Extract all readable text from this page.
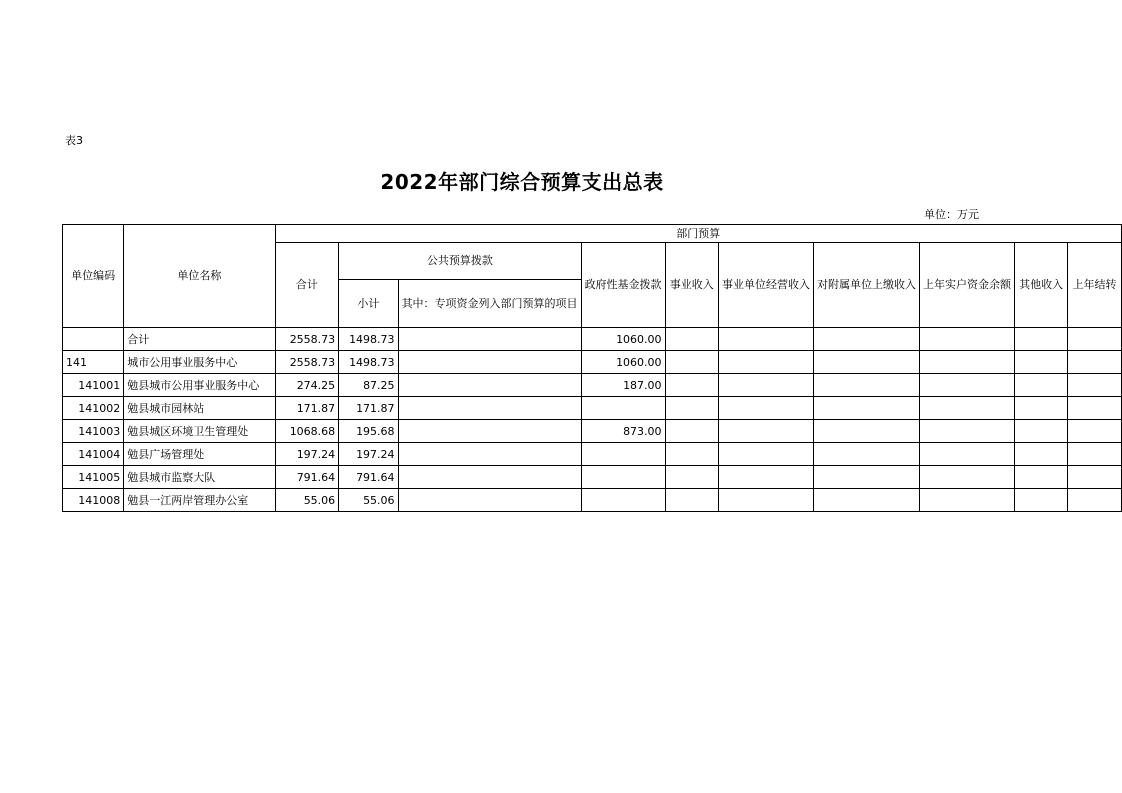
表3
2022年部门综合预算支出总表
单位：万元
单位编码	单位名称	部门预算									
		合计	公共预算拨款		政府性基金拨款	事业收入	事业单位经营收入	对附属单位上缴收入	上年实户资金余额	其他收入	上年结转
			小计	其中：专项资金列入部门预算的项目							
	合计	2558.73	1498.73		1060.00						
141	城市公用事业服务中心	2558.73	1498.73		1060.00						
141001	勉县城市公用事业服务中心	274.25	87.25		187.00						
141002	勉县城市园林站	171.87	171.87								
141003	勉县城区环境卫生管理处	1068.68	195.68		873.00						
141004	勉县广场管理处	197.24	197.24								
141005	勉县城市监察大队	791.64	791.64								
141008	勉县一江两岸管理办公室	55.06	55.06								
